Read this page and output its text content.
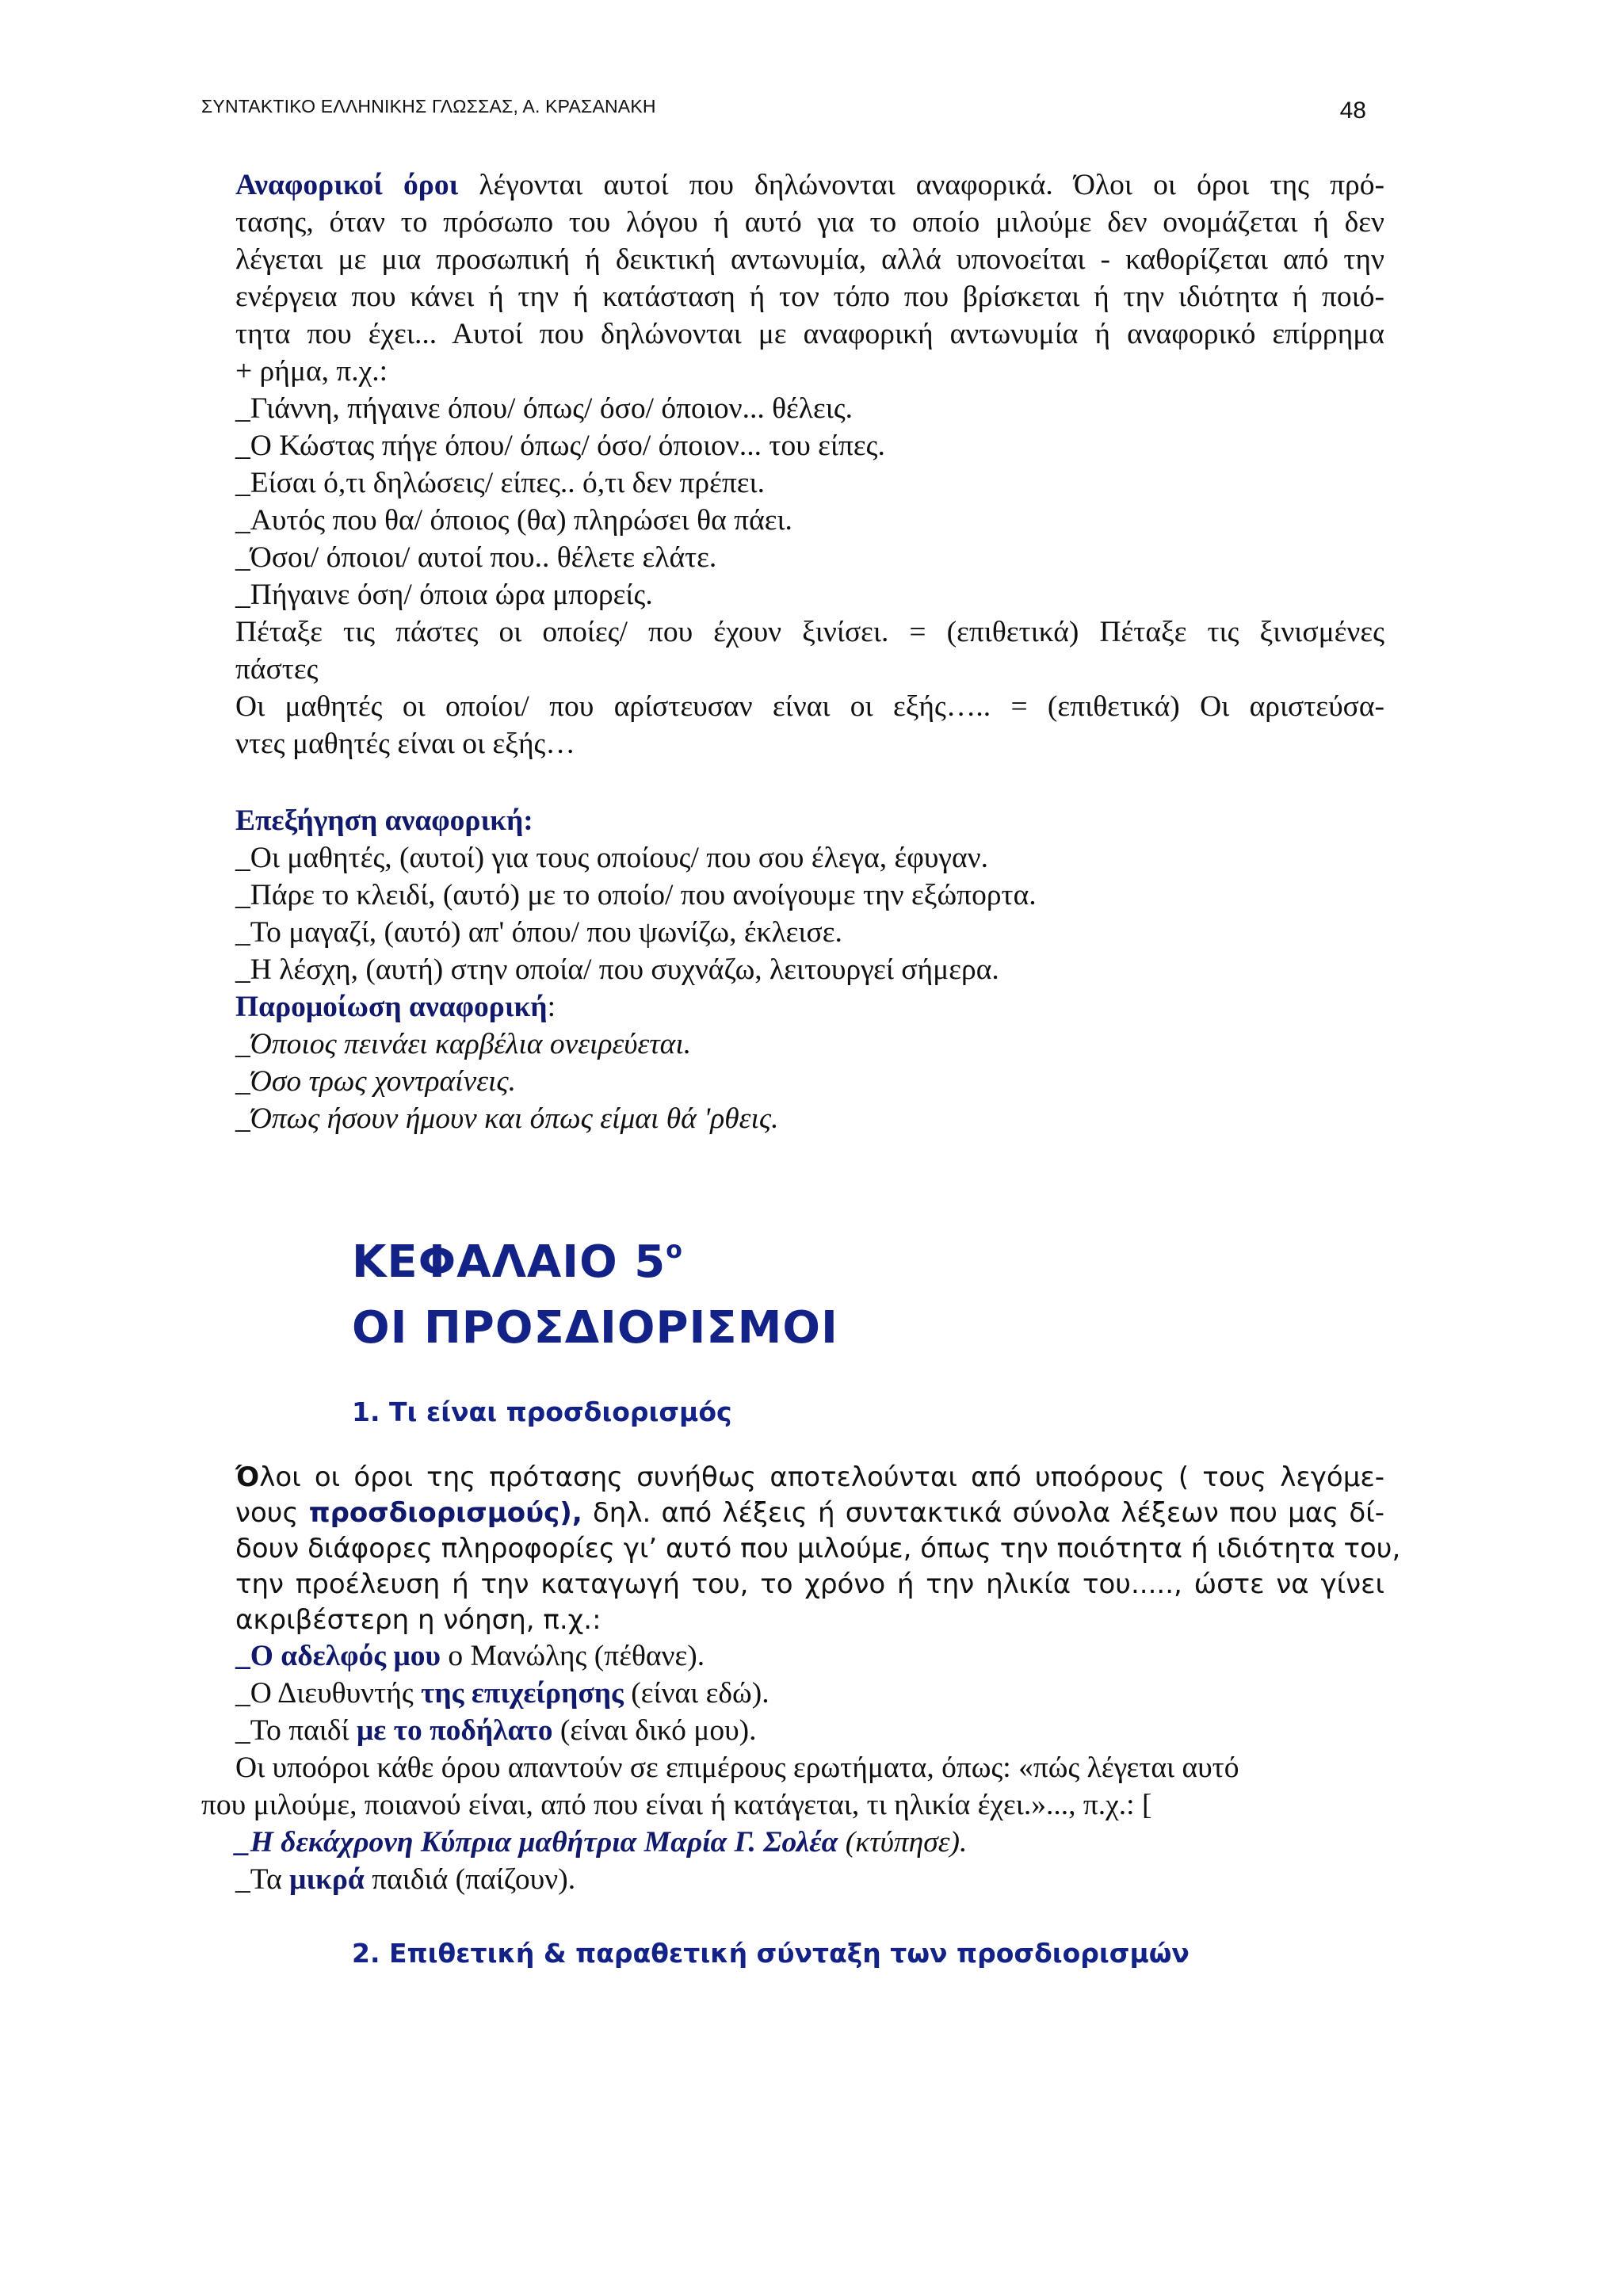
ΣΥΝΤΑΚΤΙΚΟ ΕΛΛΗΝΙΚΗΣ ΓΛΩΣΣΑΣ, Α. ΚΡΑΣΑΝΑΚΗ	48
Αναφορικοί όροι λέγονται αυτοί που δηλώνονται αναφορικά. Όλοι οι όροι της πρό-
τασης, όταν το πρόσωπο του λόγου ή αυτό για το οποίο μιλούμε δεν ονομάζεται ή δεν
λέγεται με μια προσωπική ή δεικτική αντωνυμία, αλλά υπονοείται - καθορίζεται από την
ενέργεια που κάνει ή την ή κατάσταση ή τον τόπο που βρίσκεται ή την ιδιότητα ή ποιό-
τητα που έχει... Αυτοί που δηλώνονται με αναφορική αντωνυμία ή αναφορικό επίρρημα
+ ρήμα, π.χ.:
_Γιάννη, πήγαινε όπου/ όπως/ όσο/ όποιον... θέλεις.
_Ο Κώστας πήγε όπου/ όπως/ όσο/ όποιον... του είπες.
_Είσαι ό,τι δηλώσεις/ είπες.. ό,τι δεν πρέπει.
_Αυτός που θα/ όποιος (θα) πληρώσει θα πάει.
_Όσοι/ όποιοι/ αυτοί που.. θέλετε ελάτε.
_Πήγαινε όση/ όποια ώρα μπορείς.
Πέταξε τις πάστες οι οποίες/ που έχουν ξινίσει. = (επιθετικά) Πέταξε τις ξινισμένες
πάστες
Οι μαθητές οι οποίοι/ που αρίστευσαν είναι οι εξής….. = (επιθετικά) Οι αριστεύσα-
ντες μαθητές είναι οι εξής…
Επεξήγηση αναφορική:
_Οι μαθητές, (αυτοί) για τους οποίους/ που σου έλεγα, έφυγαν.
_Πάρε το κλειδί, (αυτό) με το οποίο/ που ανοίγουμε την εξώπορτα.
_Το μαγαζί, (αυτό) απ' όπου/ που ψωνίζω, έκλεισε.
_Η λέσχη, (αυτή) στην οποία/ που συχνάζω, λειτουργεί σήμερα.
Παρομοίωση αναφορική:
_Όποιος πεινάει καρβέλια ονειρεύεται.
_Όσο τρως χοντραίνεις.
_Όπως ήσουν ήμουν και όπως είμαι θά 'ρθεις.
ΚΕΦΑΛΑΙΟ $5^o$
ΟΙ ΠΡΟΣΔΙΟΡΙΣΜΟΙ
1. Τι είναι προσδιορισμός
Όλοι οι όροι της πρότασης συνήθως αποτελούνται από υποόρους ( τους λεγόμε-
νους προσδιορισμούς), δηλ. από λέξεις ή συντακτικά σύνολα λέξεων που μας δί-
δουν διάφορες πληροφορίες γι’ αυτό που μιλούμε, όπως την ποιότητα ή ιδιότητα του,
την προέλευση ή την καταγωγή του, το χρόνο ή την ηλικία του....., ώστε να γίνει
ακριβέστερη η νόηση, π.χ.:
_Ο αδελφός μου ο Μανώλης (πέθανε).
_Ο Διευθυντής της επιχείρησης (είναι εδώ).
_Το παιδί με το ποδήλατο (είναι δικό μου).
Οι υποόροι κάθε όρου απαντούν σε επιμέρους ερωτήματα, όπως: «πώς λέγεται αυτό
που μιλούμε, ποιανού είναι, από που είναι ή κατάγεται, τι ηλικία έχει.»..., π.χ.: [
_Η δεκάχρονη Κύπρια μαθήτρια Μαρία Γ. Σολέα (κτύπησε).
_Τα μικρά παιδιά (παίζουν).
2. Επιθετική & παραθετική σύνταξη των προσδιορισμών
